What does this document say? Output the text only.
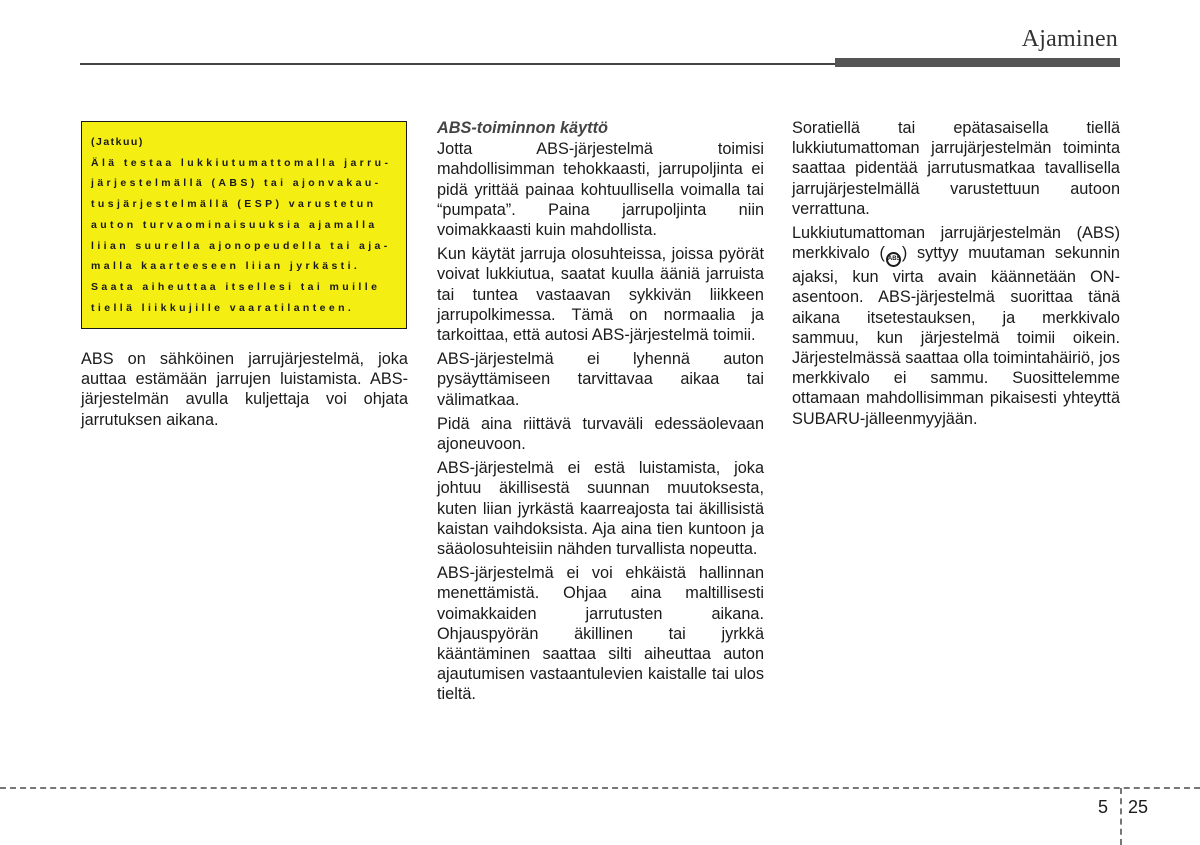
Ajaminen
(Jatkuu)
Älä testaa lukkiutumattomalla jarru-
järjestelmällä (ABS) tai ajonvakau-
tusjärjestelmällä (ESP) varustetun
auton turvaominaisuuksia ajamalla
liian suurella ajonopeudella tai aja-
malla kaarteeseen liian jyrkästi.
Saata aiheuttaa itsellesi tai muille
tiellä liikkujille vaaratilanteen.

ABS on sähköinen jarrujärjestelmä, joka auttaa estämään jarrujen luistamista. ABS-järjestelmän avulla kuljettaja voi ohjata jarrutuksen aikana.

ABS-toiminnon käyttö

Jotta ABS-järjestelmä toimisi mahdollisimman tehokkaasti, jarrupoljinta ei pidä yrittää painaa kohtuullisella voimalla tai “pumpata”. Paina jarrupoljinta niin voimakkaasti kuin mahdollista.

Kun käytät jarruja olosuhteissa, joissa pyörät voivat lukkiutua, saatat kuulla ääniä jarruista tai tuntea vastaavan sykkivän liikkeen jarrupolkimessa. Tämä on normaalia ja tarkoittaa, että autosi ABS-järjestelmä toimii.

ABS-järjestelmä ei lyhennä auton pysäyttämiseen tarvittavaa aikaa tai välimatkaa.

Pidä aina riittävä turvaväli edessäolevaan ajoneuvoon.

ABS-järjestelmä ei estä luistamista, joka johtuu äkillisestä suunnan muutoksesta, kuten liian jyrkästä kaarreajosta tai äkillisistä kaistan vaihdoksista. Aja aina tien kuntoon ja sääolosuhteisiin nähden turvallista nopeutta.

ABS-järjestelmä ei voi ehkäistä hallinnan menettämistä. Ohjaa aina maltillisesti voimakkaiden jarrutusten aikana. Ohjauspyörän äkillinen tai jyrkkä kääntäminen saattaa silti aiheuttaa auton ajautumisen vastaantulevien kaistalle tai ulos tieltä.

Soratiellä tai epätasaisella tiellä lukkiutumattoman jarrujärjestelmän toiminta saattaa pidentää jarrutusmatkaa tavallisella jarrujärjestelmällä varustettuun autoon verrattuna.

Lukkiutumattoman jarrujärjestelmän (ABS) merkkivalo ( ABS) syttyy muutaman sekunnin ajaksi, kun virta avain käännetään ON-asentoon. ABS-järjestelmä suorittaa tänä aikana itsetestauksen, ja merkkivalo sammuu, kun järjestelmä toimii oikein. Järjestelmässä saattaa olla toimintahäiriö, jos merkkivalo ei sammu. Suosittelemme ottamaan mahdollisimman pikaisesti yhteyttä SUBARU-jälleenmyyjään.

5 25
